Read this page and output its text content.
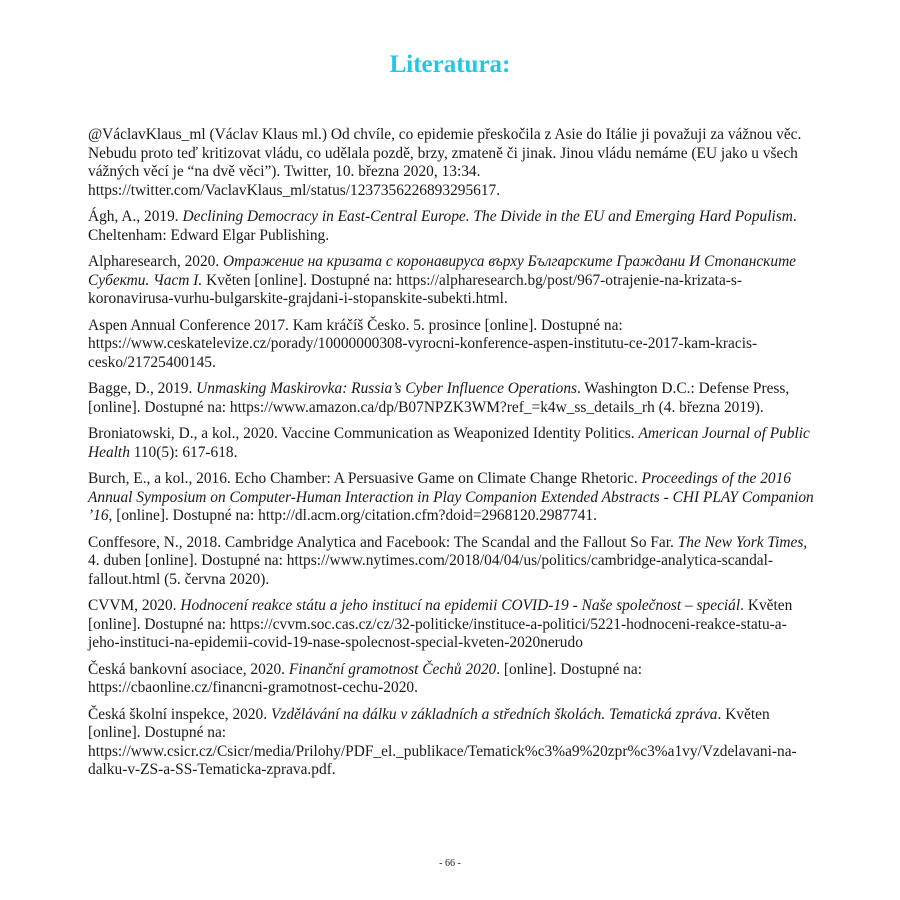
Literatura:

@VáclavKlaus_ml (Václav Klaus ml.) Od chvíle, co epidemie přeskočila z Asie do Itálie ji považuji za vážnou věc. Nebudu proto teď kritizovat vládu, co udělala pozdě, brzy, zmateně či jinak. Jinou vládu nemáme (EU jako u všech vážných věcí je “na dvě věci”). Twitter, 10. března 2020, 13:34. https://twitter.com/VaclavKlaus_ml/status/1237356226893295617.

Ágh, A., 2019. Declining Democracy in East-Central Europe. The Divide in the EU and Emerging Hard Populism. Cheltenham: Edward Elgar Publishing.

Alpharesearch, 2020. Отражение на кризата с коронавируса върху Българските Граждани И Стопанските Субекти. Част I. Květen [online]. Dostupné na: https://alpharesearch.bg/post/967-otrajenie-na-krizata-s-koronavirusa-vurhu-bulgarskite-grajdani-i-stopanskite-subekti.html.

Aspen Annual Conference 2017. Kam kráčíš Česko. 5. prosince [online]. Dostupné na: https://www.ceskatelevize.cz/porady/10000000308-vyrocni-konference-aspen-institutu-ce-2017-kam-kracis-cesko/21725400145.

Bagge, D., 2019. Unmasking Maskirovka: Russia’s Cyber Influence Operations. Washington D.C.: Defense Press, [online]. Dostupné na: https://www.amazon.ca/dp/B07NPZK3WM?ref_=k4w_ss_details_rh (4. března 2019).

Broniatowski, D., a kol., 2020. Vaccine Communication as Weaponized Identity Politics. American Journal of Public Health 110(5): 617-618.

Burch, E., a kol., 2016. Echo Chamber: A Persuasive Game on Climate Change Rhetoric. Proceedings of the 2016 Annual Symposium on Computer-Human Interaction in Play Companion Extended Abstracts - CHI PLAY Companion ’16, [online]. Dostupné na: http://dl.acm.org/citation.cfm?doid=2968120.2987741.

Conffesore, N., 2018. Cambridge Analytica and Facebook: The Scandal and the Fallout So Far. The New York Times, 4. duben [online]. Dostupné na: https://www.nytimes.com/2018/04/04/us/politics/cambridge-analytica-scandal-fallout.html (5. června 2020).

CVVM, 2020. Hodnocení reakce státu a jeho institucí na epidemii COVID-19 - Naše společnost – speciál. Květen [online]. Dostupné na: https://cvvm.soc.cas.cz/cz/32-politicke/instituce-a-politici/5221-hodnoceni-reakce-statu-a-jeho-instituci-na-epidemii-covid-19-nase-spolecnost-special-kveten-2020nerudo

Česká bankovní asociace, 2020. Finanční gramotnost Čechů 2020. [online]. Dostupné na: https://cbaonline.cz/financni-gramotnost-cechu-2020.

Česká školní inspekce, 2020. Vzdělávání na dálku v základních a středních školách. Tematická zpráva. Květen [online]. Dostupné na: https://www.csicr.cz/Csicr/media/Prilohy/PDF_el._publikace/Tematick%c3%a9%20zpr%c3%a1vy/Vzdelavani-na-dalku-v-ZS-a-SS-Tematicka-zprava.pdf.

- 66 -
